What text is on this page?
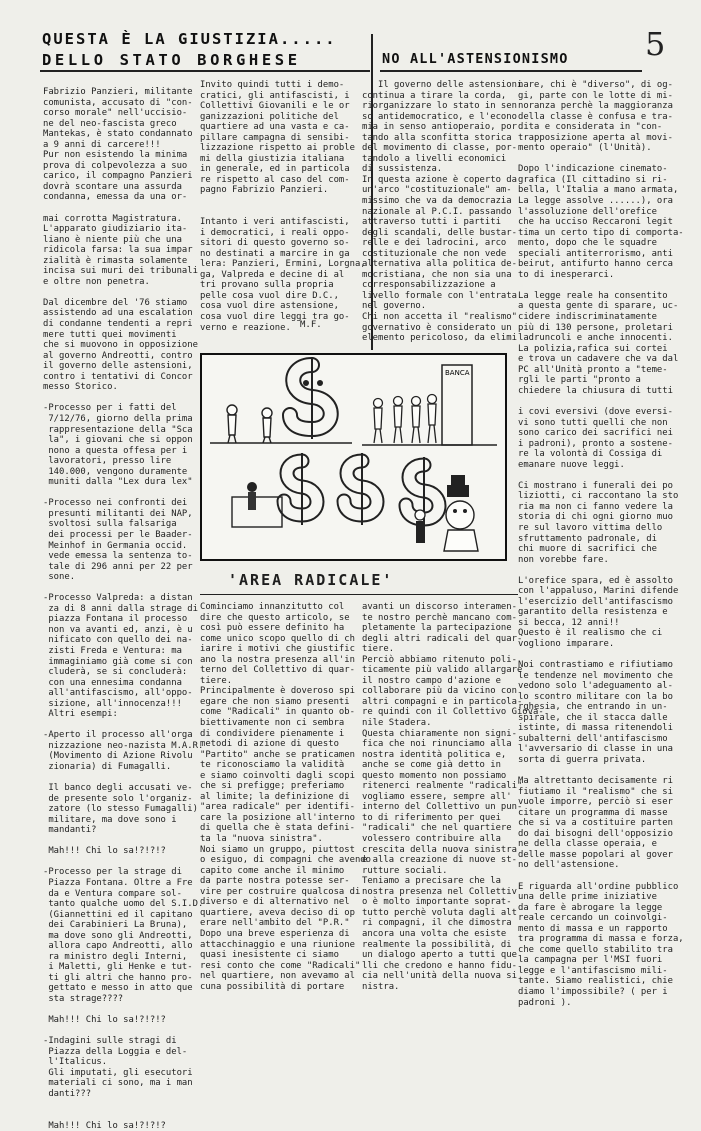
QUESTA È LA GIUSTIZIA.....
DELLO STATO BORGHESE	NO ALL'ASTENSIONISMO 5
Fabrizio Panzieri, militante
comunista, accusato di "con-
corso morale" nell'uccisio-
ne del neo-fascista greco
Mantekas, è stato condannato
a 9 anni di carcere!!!
Pur non esistendo la minima
prova di colpevolezza a suo
carico, il compagno Panzieri
dovrà scontare una assurda
condanna, emessa da una or-

mai corrotta Magistratura.
L'apparato giudiziario ita-
liano è niente più che una
ridicola farsa: la sua impar
zialità è rimasta solamente
incisa sui muri dei tribunali
e oltre non penetra.

Dal dicembre del '76 stiamo
assistendo ad una escalation
di condanne tendenti a repri
mere tutti quei movimenti
che si muovono in opposizione
al governo Andreotti, contro
il governo delle astensioni,
contro i tentativi di Concor
messo Storico.

-Processo per i fatti del
7/12/76, giorno della prima
rappresentazione della "Sca
la", i giovani che si oppon
nono a questa offesa per i
lavoratori, presso lire
140.000, vengono duramente
muniti dalla "Lex dura lex"

-Processo nei confronti dei
presunti militanti dei NAP,
svoltosi sulla falsariga
dei processi per le Baader-
Meinhof in Germania occid.
vede emessa la sentenza to-
tale di 296 anni per 22 per
sone.

-Processo Valpreda: a distan
za di 8 anni dalla strage di
piazza Fontana il processo
non va avanti ed, anzi, è u
nificato con quello dei na-
zisti Freda e Ventura: ma
immaginiamo già come si con
cluderà, se si concluderà:
con una ennesima condanna
all'antifascismo, all'oppo-
sizione, all'innocenza!!!
Altri esempi:

-Aperto il processo all'orga
nizzazione neo-nazista M.A.R.
(Movimento di Azione Rivolu
zionaria) di Fumagalli.

Il banco degli accusati ve-
de presente solo l'organiz-
zatore (lo stesso Fumagalli)
militare, ma dove sono i
mandanti?

Mah!!! Chi lo sa!?!?!?

-Processo per la strage di
Piazza Fontana. Oltre a Fre
da e Ventura compare sol-
tanto qualche uomo del S.I.D.
(Giannettini ed il capitano
dei Carabinieri La Bruna),
ma dove sono gli Andreotti,
allora capo Andreotti, allo
ra ministro degli Interni,
i Maletti, gli Henke e tut-
ti gli altri che hanno pro-
gettato e messo in atto que
sta strage????

Mah!!! Chi lo sa!?!?!?

-Indagini sulle stragi di
Piazza della Loggia e del-
l'Italicus.
Gli imputati, gli esecutori
materiali ci sono, ma i man
danti???

Mah!!! Chi lo sa!?!?!?
Invito quindi tutti i demo-
cratici, gli antifascisti, i
Collettivi Giovanili e le or
ganizzazioni politiche del
quartiere ad una vasta e ca-
pillare campagna di sensibi-
lizzazione rispetto ai proble
mi della giustizia italiana
in generale, ed in particola
re rispetto al caso del com-
pagno Fabrizio Panzieri.

Intanto i veri antifascisti,
i democratici, i reali oppo-
sitori di questo governo so-
no destinati a marcire in ga
lera: Panzieri, Ermini, Lorgna,
ga, Valpreda e decine di al
tri provano sulla propria
pelle cosa vuol dire D.C.,
cosa vuol dire astensione,
cosa vuol dire leggi tra go-
verno e reazione.	M.F.
Il governo delle astensioni
continua a tirare la corda,
riorganizzare lo stato in sen
so antidemocratico, e l'econo
mia in senso antioperaio, por
tando alla sconfitta storica
del movimento di classe, por-
tandolo a livelli economici
di sussistenza.
In questa azione è coperto da
un'arco "costituzionale" am-
missimo che va da democrazia
nazionale al P.C.I. passando
attraverso tutti i partiti
degli scandali, delle bustar-
relle e dei ladrocini, arco
costituzionale che non vede
alternativa alla politica de-
mocristiana, che non sia una
corresponsabilizzazione a
livello formale con l'entrata
nel governo.
Chi non accetta il "realismo"
governativo è considerato un
elemento pericoloso, da elimi
nare, chi è "diverso", di og-
gi, parte con le lotte di mi-
noranza perchè la maggioranza
della classe è confusa e tra-
dita e considerata in "con-
trapposizione aperta al movi-
mento operaio" (l'Unità).

Dopo l'indicazione cinemato-
grafica (Il cittadino si ri-
bella, l'Italia a mano armata,
La legge assolve ......), ora
l'assoluzione dell'orefice
che ha ucciso Reccaroni legit
tima un certo tipo di comporta-
mento, dopo che le squadre
speciali antiterrorismo, anti
beirut, antifurto hanno cerca
to di inesperarci.

La legge reale ha consentito
a questa gente di sparare, uc-
cidere indiscriminatamente
più di 130 persone, proletari
ladruncoli e anche innocenti.
La polizia,rafica sui cortei
e trova un cadavere che va dal
PC all'Unità pronto a "teme-
rgli le parti "pronto a
chiedere la chiusura di tutti

i covi eversivi (dove eversi-
vi sono tutti quelli che non
sono carico dei sacrifici nei
i padroni), pronto a sostene-
re la volontà di Cossiga di
emanare nuove leggi.

Ci mostrano i funerali dei po
liziotti, ci raccontano la sto
ria ma non ci fanno vedere la
storia di chi ogni giorno muo
re sul lavoro vittima dello
sfruttamento padronale, di
chi muore di sacrifici che
non vorebbe fare.

L'orefice spara, ed è assolto
con l'appaluso, Marini difende
l'esercizio dell'antifascismo
garantito della resistenza e
si becca, 12 anni!!
Questo è il realismo che ci
vogliono imparare.

Noi contrastiamo e rifiutiamo
le tendenze nel movimento che
vedono solo l'adeguamento al-
lo scontro militare con la bo
rghesia, che entrando in un-
spirale, che il stacca dalle
istinte, di massa ritenendoli
subalterni dell'antifascismo
l'avversario di classe in una
sorta di guerra privata.

Ma altrettanto decisamente ri
fiutiamo il "realismo" che si
vuole imporre, perciò si eser
citare un programma di masse
che si va a costituire parten
do dai bisogni dell'opposizio
ne della classe operaia, e
delle masse popolari al gover
no dell'astensione.

E riguarda all'ordine pubblico
una delle prime iniziative
da fare è abrogare la legge
reale cercando un coinvolgi-
mento di massa e un rapporto
tra programma di massa e forza,
che come quello stabilito tra
la campagna per l'MSI fuori
legge e l'antifascismo mili-
tante. Siamo realistici, chie
diamo l'impossibile? ( per i
padroni ).
BANCA
'AREA RADICALE'
Cominciamo innanzitutto col
dire che questo articolo, se
così può essere definito ha
come unico scopo quello di ch
iarire i motivi che giustific
ano la nostra presenza all'in
terno del Collettivo di quar-
tiere.
Principalmente è doveroso spi
egare che non siamo presenti
come "Radicali" in quanto ob-
biettivamente non ci sembra
di condividere pienamente i
metodi di azione di questo
"Partito" anche se praticamen
te riconosciamo la validità
e siamo coinvolti dagli scopi
che si prefigge; preferiamo
al limite; la definizione di
"area radicale" per identifi-
care la posizione all'interno
di quella che è stata defini-
ta la "nuova sinistra".
Noi siamo un gruppo, piuttost
o esiguo, di compagni che avendo
capito come anche il minimo
da parte nostra potesse ser-
vire per costruire qualcosa di
diverso e di alternativo nel
quartiere, aveva deciso di op
erare nell'ambito del "P.R."
Dopo una breve esperienza di
attacchinaggio e una riunione
quasi inesistente ci siamo
resi conto che come "Radicali"
nel quartiere, non avevamo al
cuna possibilità di portare
avanti un discorso interamen-
te nostro perchè mancano com-
pletamente la partecipazione
degli altri radicali del quar-
tiere.
Perciò abbiamo ritenuto poli-
ticamente più valido allargare
il nostro campo d'azione e
collaborare più da vicino con
altri compagni e in particola-
re quindi con il Collettivo Giova-
nile Stadera.
Questa chiaramente non signi-
fica che noi rinunciamo alla
nostra identità politica e,
anche se come già detto in
questo momento non possiamo
ritenerci realmente "radicali"
vogliamo essere, sempre all'
interno del Collettivo un pun-
to di riferimento per quei
"radicali" che nel quartiere
volessero contribuire alla
crescita della nuova sinistra
e alla creazione di nuove st-
rutture sociali.
Teniamo a precisare che la
nostra presenza nel Collettiv
o è molto importante soprat-
tutto perchè voluta dagli alt
ri compagni, il che dimostra
ancora una volta che esiste
realmente la possibilità, di
un dialogo aperto a tutti que
lli che credono e hanno fidu-
cia nell'unità della nuova si
nistra.
